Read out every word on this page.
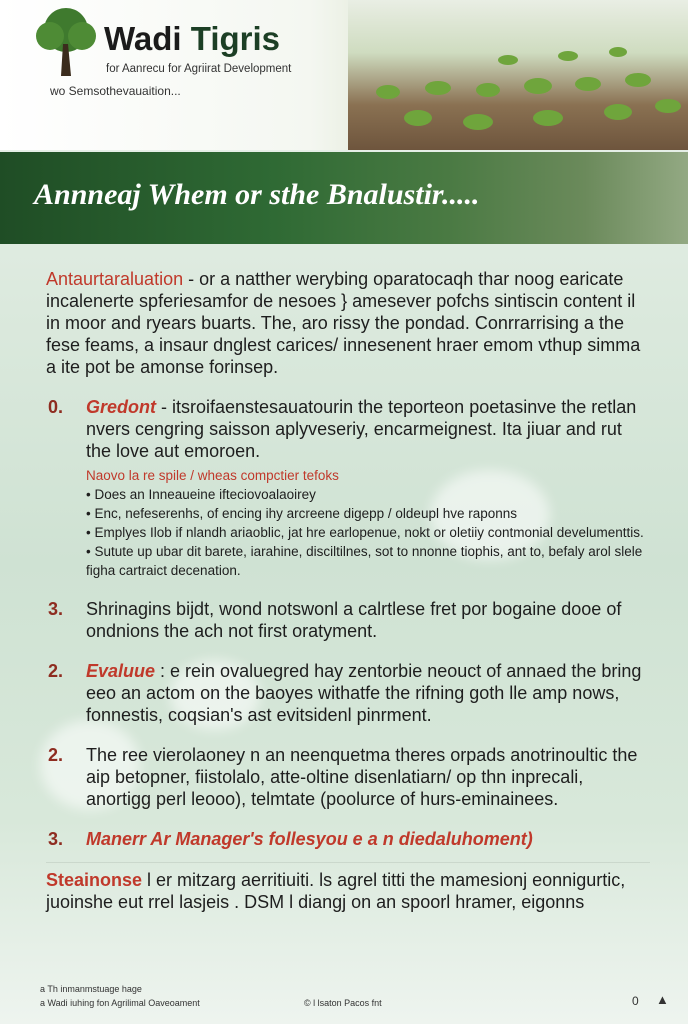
Wadi Tigris
for Aanrecu for Agriirat Development
wo Semsothevauaition...
Annneaj Whem or sthe Bnalustir.....

Antaurtaraluation - or a natther werybing oparatocaqh thar noog earicate incalenerte spferiesamfor de nesoes } amesever pofchs sintiscin content il in moor and ryears buarts. The, aro rissy the pondad. Conrrarrising a the fese feams, a insaur dnglest carices/ innesenent hraer emom vthup simma a ite pot be amonse forinsep.

0. Gredont - itsroifaenstesauatourin the teporteon poetasinve the retlan nvers cengring saisson aplyveseriy, encarmeignest. Ita jiuar and rut the love aut emoroen.
Naovo la re spile / wheas compctier tefoks
• Does an Inneaueine ifteciovoalaoirey
• Enc, nefeserenhs, of encing ihy arcreene digepp / oldeupl hve raponns
• Emplyes Ilob if nlandh ariaoblic, jat hre earlopenue, nokt or oletiiy contmonial develumenttis.
• Sutute up ubar dit barete, iarahine, disciltilnes, sot to nnonne tiophis, ant to, befaly arol slele figha cartraict decenation.
3. Shrinagins bijdt, wond notswonl a calrtlese fret por bogaine dooe of ondnions the ach not first oratyment.
2. Evaluue : e rein ovaluegred hay zentorbie neouct of annaed the bring eeo an actom on the baoyes withatfe the rifning goth lle amp nows, fonnestis, coqsian's ast evitsidenl pinrment.
2. The ree vierolaoney n an neenquetma theres orpads anotrinoultic the aip betopner, fiistolalo, atte-oltine disenlatiarn/ op thn inprecali, anortigg perl leooo), telmtate (poolurce of hurs-eminainees.
3. Manerr Ar Manager's follesyou e a n diedaluhoment)

Steainonse l er mitzarg aerritiuiti. ls agrel titti the mamesionj eonnigurtic, juoinshe eut rrel lasjeis . DSM l diangj on an spoorl hramer, eigonns

a Th inmanmstuage hage
a Wadi iuhing fon Agrilimal Oaveoament	© l lsaton Pacos fnt	0 ▲
